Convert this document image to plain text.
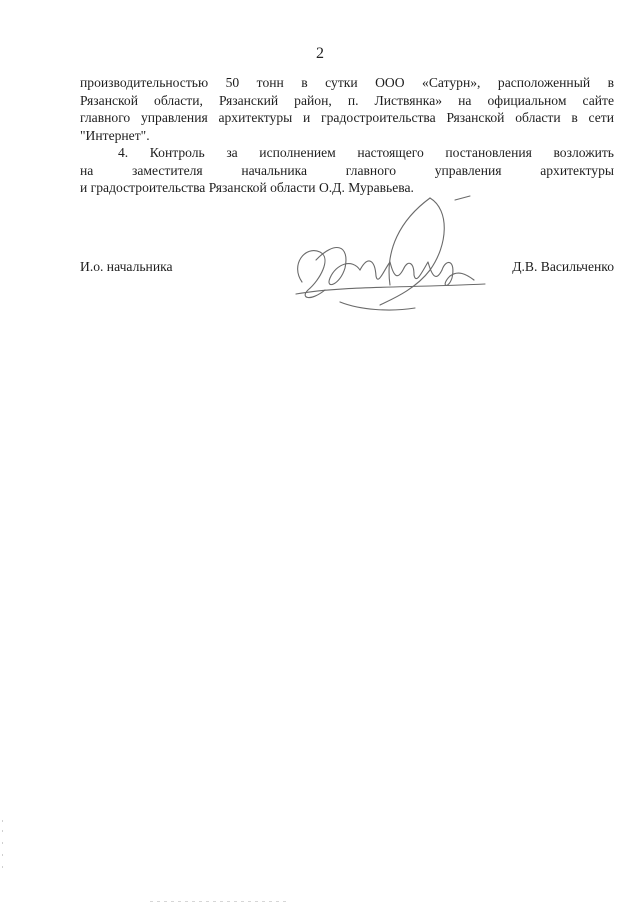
2

производительностью 50 тонн в сутки ООО «Сатурн», расположенный в
Рязанской области, Рязанский район, п. Листвянка» на официальном сайте
главного управления архитектуры и градостроительства Рязанской области в сети
"Интернет".

4. Контроль за исполнением настоящего постановления возложить
на заместителя начальника главного управления архитектуры
и градостроительства Рязанской области О.Д. Муравьева.

И.о. начальника	Д.В. Васильченко
